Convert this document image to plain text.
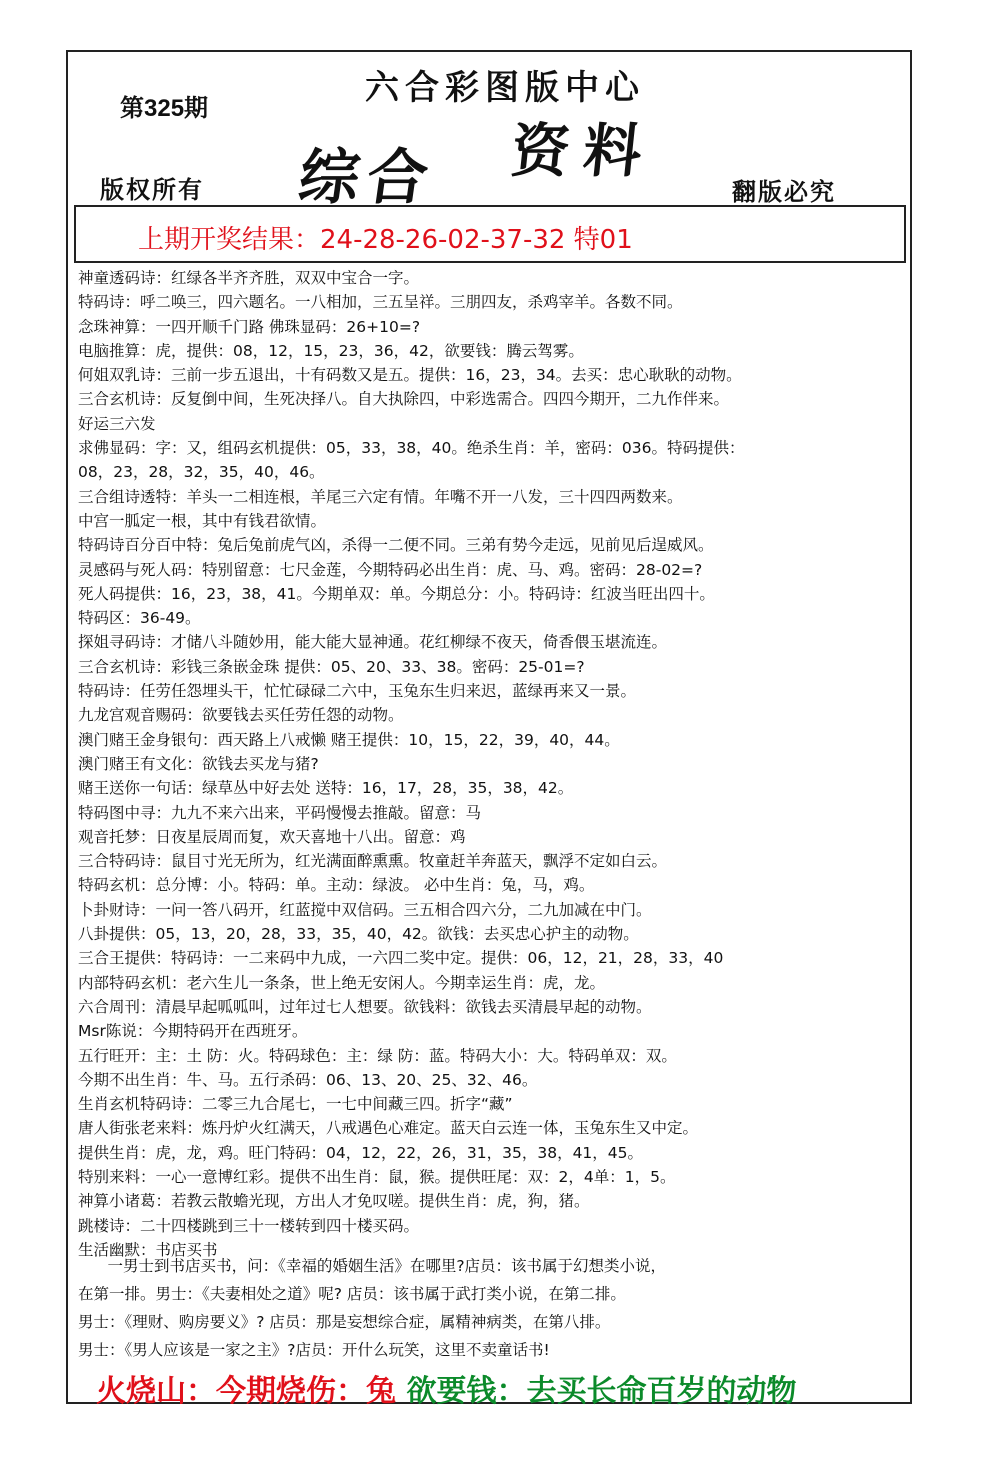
第325期
六合彩图版中心
综合 资料
版权所有	翻版必究
上期开奖结果：24-28-26-02-37-32 特01
神童透码诗：红绿各半齐齐胜，双双中宝合一字。
特码诗：呼二唤三，四六题名。一八相加，三五呈祥。三朋四友，杀鸡宰羊。各数不同。
念珠神算：一四开顺千门路 佛珠显码：26+10=?
电脑推算：虎，提供：08，12，15，23，36，42，欲要钱：腾云驾雾。
何姐双乳诗：三前一步五退出，十有码数又是五。提供：16，23，34。去买：忠心耿耿的动物。
三合玄机诗：反复倒中间，生死决择八。自大执除四，中彩选需合。四四今期开，二九作伴来。
好运三六发
求佛显码：字：又，组码玄机提供：05，33，38，40。绝杀生肖：羊，密码：036。特码提供：
08，23，28，32，35，40，46。
三合组诗透特：羊头一二相连根，羊尾三六定有情。年嘴不开一八发，三十四四两数来。
中宫一胍定一根，其中有钱君欲情。
特码诗百分百中特：兔后兔前虎气凶，杀得一二便不同。三弟有势今走远，见前见后逞威风。
灵感码与死人码：特别留意：七尺金莲，今期特码必出生肖：虎、马、鸡。密码：28-02=?
死人码提供：16，23，38，41。今期单双：单。今期总分：小。特码诗：红波当旺出四十。
特码区：36-49。
探姐寻码诗：才储八斗随妙用，能大能大显神通。花红柳绿不夜天，倚香偎玉堪流连。
三合玄机诗：彩钱三条嵌金珠 提供：05、20、33、38。密码：25-01=?
特码诗：任劳任怨埋头干，忙忙碌碌二六中，玉兔东生归来迟，蓝绿再来又一景。
九龙宫观音赐码：欲要钱去买任劳任怨的动物。
澳门赌王金身银句：西天路上八戒懒 赌王提供：10，15，22，39，40，44。
澳门赌王有文化：欲钱去买龙与猪?
赌王送你一句话：绿草丛中好去处 送特：16，17，28，35，38，42。
特码图中寻：九九不来六出来，平码慢慢去推敲。留意：马
观音托梦：日夜星辰周而复，欢天喜地十八出。留意：鸡
三合特码诗：鼠目寸光无所为，红光满面醉熏熏。牧童赶羊奔蓝天，飘浮不定如白云。
特码玄机：总分博：小。特码：单。主动：绿波。 必中生肖：兔，马，鸡。
卜卦财诗：一问一答八码开，红蓝搅中双信码。三五相合四六分，二九加减在中门。
八卦提供：05，13，20，28，33，35，40，42。欲钱：去买忠心护主的动物。
三合王提供：特码诗：一二来码中九成，一六四二奖中定。提供：06，12，21，28，33，40
内部特码玄机：老六生儿一条条，世上绝无安闲人。今期幸运生肖：虎，龙。
六合周刊：清晨早起呱呱叫，过年过七人想要。欲钱料：欲钱去买清晨早起的动物。
Msr陈说：今期特码开在西班牙。
五行旺开：主：土 防：火。特码球色：主：绿 防：蓝。特码大小：大。特码单双：双。
今期不出生肖：牛、马。五行杀码：06、13、20、25、32、46。
生肖玄机特码诗：二零三九合尾七，一七中间藏三四。折字“藏”
唐人街张老来料：炼丹炉火红满天，八戒遇色心难定。蓝天白云连一体，玉兔东生又中定。
提供生肖：虎，龙，鸡。旺门特码：04，12，22，26，31，35，38，41，45。
特别来料：一心一意博红彩。提供不出生肖：鼠，猴。提供旺尾：双：2，4单：1，5。
神算小诸葛：若教云散蟾光现，方出人才免叹嗟。提供生肖：虎，狗，猪。
跳楼诗：二十四楼跳到三十一楼转到四十楼买码。
生活幽默：书店买书
一男士到书店买书，问：《幸福的婚姻生活》在哪里?店员：该书属于幻想类小说，
在第一排。男士：《夫妻相处之道》呢? 店员：该书属于武打类小说，在第二排。
男士：《理财、购房要义》? 店员：那是妄想综合症，属精神病类，在第八排。
男士：《男人应该是一家之主》?店员：开什么玩笑，这里不卖童话书!
火烧山：今期烧伤：兔 欲要钱：去买长命百岁的动物
